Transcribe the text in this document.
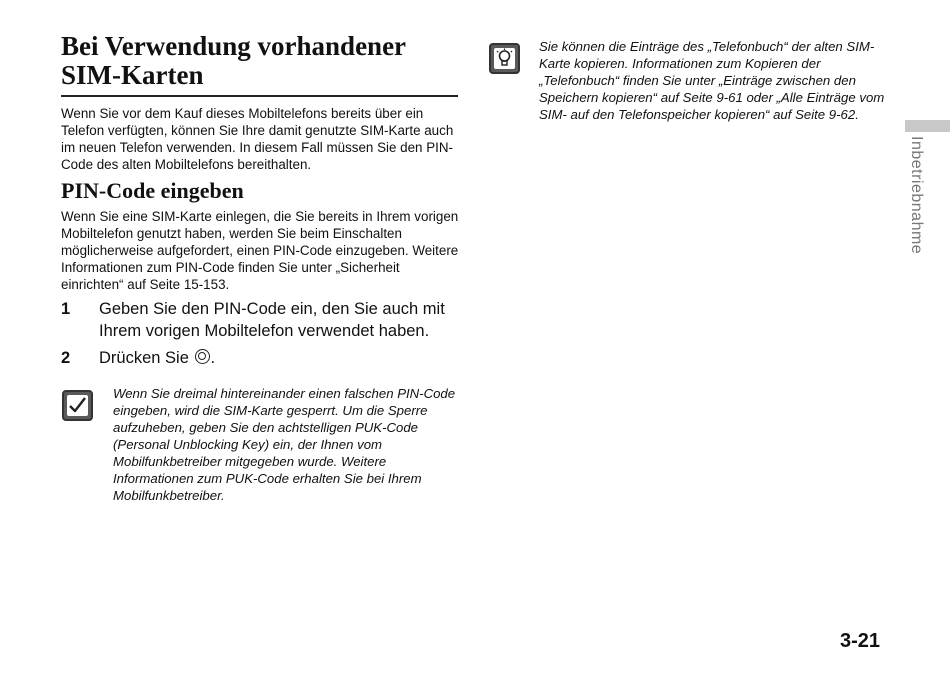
Bei Verwendung vorhandener SIM-Karten

Wenn Sie vor dem Kauf dieses Mobiltelefons bereits über ein Telefon verfügten, können Sie Ihre damit genutzte SIM-Karte auch im neuen Telefon verwenden. In diesem Fall müssen Sie den PIN-Code des alten Mobiltelefons bereithalten.

PIN-Code eingeben

Wenn Sie eine SIM-Karte einlegen, die Sie bereits in Ihrem vorigen Mobiltelefon genutzt haben, werden Sie beim Einschalten möglicherweise aufgefordert, einen PIN-Code einzugeben. Weitere Informationen zum PIN-Code finden Sie unter „Sicherheit einrichten“ auf Seite 15-153.

1 Geben Sie den PIN-Code ein, den Sie auch mit Ihrem vorigen Mobiltelefon verwendet haben.
2 Drücken Sie .

Wenn Sie dreimal hintereinander einen falschen PIN-Code eingeben, wird die SIM-Karte gesperrt. Um die Sperre aufzuheben, geben Sie den achtstelligen PUK-Code (Personal Unblocking Key) ein, der Ihnen vom Mobilfunkbetreiber mitgegeben wurde. Weitere Informationen zum PUK-Code erhalten Sie bei Ihrem Mobilfunkbetreiber.

Sie können die Einträge des „Telefonbuch“ der alten SIM-Karte kopieren. Informationen zum Kopieren der „Telefonbuch“ finden Sie unter „Einträge zwischen den Speichern kopieren“ auf Seite 9-61 oder „Alle Einträge vom SIM- auf den Telefonspeicher kopieren“ auf Seite 9-62.

Inbetriebnahme
3-21
